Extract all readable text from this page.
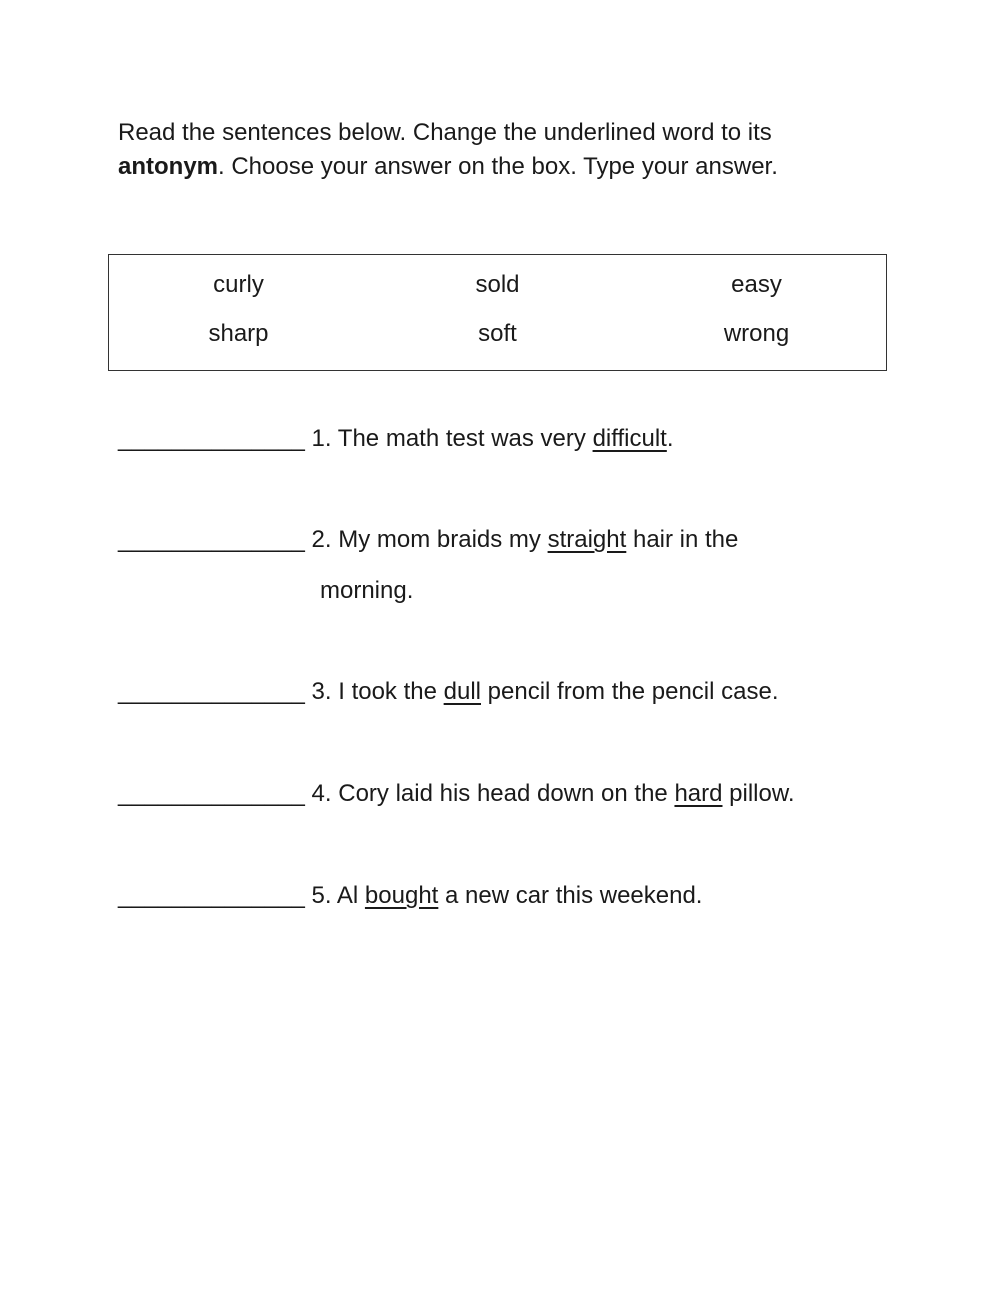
Read the sentences below. Change the underlined word to its
antonym. Choose your answer on the box. Type your answer.
curly	sold	easy
sharp	soft	wrong
______________ 1. The math test was very difficult.
______________ 2. My mom braids my straight hair in the
morning.
______________ 3. I took the dull pencil from the pencil case.
______________ 4. Cory laid his head down on the hard pillow.
______________ 5. Al bought a new car this weekend.
